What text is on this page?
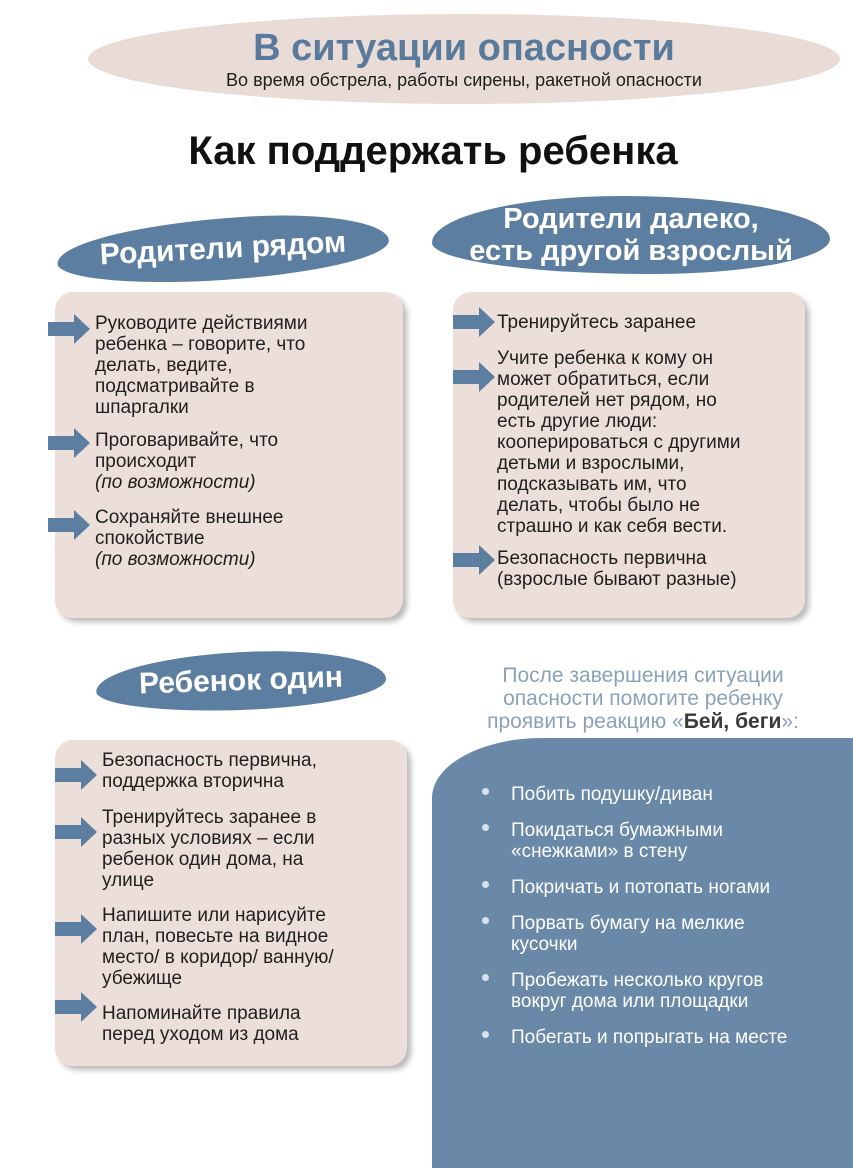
В ситуации опасности
Во время обстрела, работы сирены, ракетной опасности
Как поддержать ребенка
Родители рядом
Родители далеко,
есть другой взрослый
Руководите действиями
ребенка – говорите, что
делать, ведите,
подсматривайте в
шпаргалки
Проговаривайте, что
происходит
(по возможности)
Сохраняйте внешнее
спокойствие
(по возможности)
Тренируйтесь заранее
Учите ребенка к кому он
может обратиться, если
родителей нет рядом, но
есть другие люди:
кооперироваться с другими
детьми и взрослыми,
подсказывать им, что
делать, чтобы было не
страшно и как себя вести.
Безопасность первична
(взрослые бывают разные)
Ребенок один
Безопасность первична,
поддержка вторична
Тренируйтесь заранее в
разных условиях – если
ребенок один дома, на
улице
Напишите или нарисуйте
план, повесьте на видное
место/ в коридор/ ванную/
убежище
Напоминайте правила
перед уходом из дома
После завершения ситуации
опасности помогите ребенку
проявить реакцию «Бей, беги»:
Побить подушку/диван
Покидаться бумажными
«снежками» в стену
Покричать и потопать ногами
Порвать бумагу на мелкие
кусочки
Пробежать несколько кругов
вокруг дома или площадки
Побегать и попрыгать на месте
